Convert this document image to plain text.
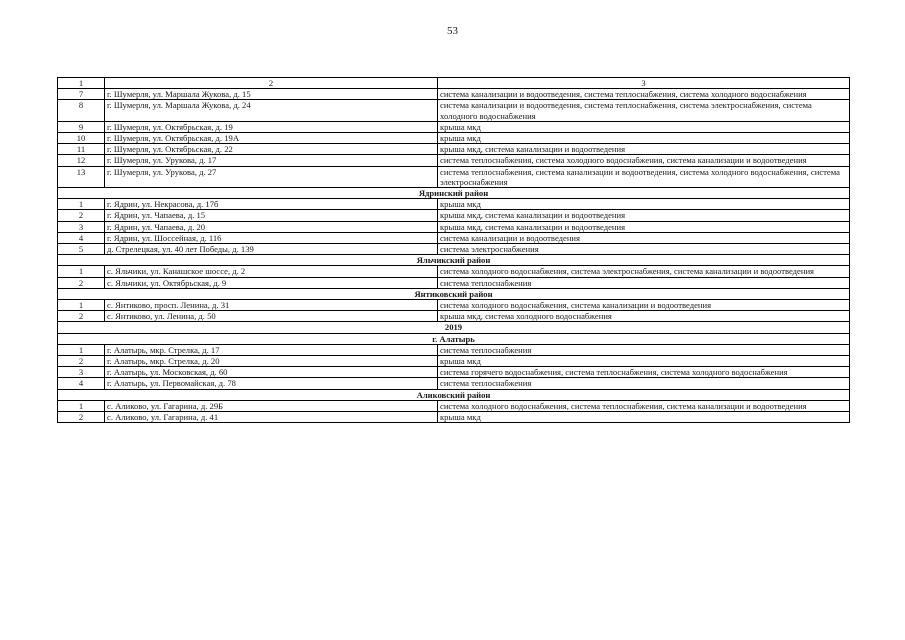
53
1	2	3
7	г. Шумерля, ул. Маршала Жукова, д. 15	система канализации и водоотведения, система теплоснабжения, система холодного водоснабжения
8	г. Шумерля, ул. Маршала Жукова, д. 24	система канализации и водоотведения, система теплоснабжения, система электроснабжения, система холодного водоснабжения
9	г. Шумерля, ул. Октябрьская, д. 19	крыша мкд
10	г. Шумерля, ул. Октябрьская, д. 19А	крыша мкд
11	г. Шумерля, ул. Октябрьская, д. 22	крыша мкд, система канализации и водоотведения
12	г. Шумерля, ул. Урукова, д. 17	система теплоснабжения, система холодного водоснабжения, система канализации и водоотведения
13	г. Шумерля, ул. Урукова, д. 27	система теплоснабжения, система канализации и водоотведения, система холодного водоснабжения, система электроснабжения
Ядринский район		
1	г. Ядрин, ул. Некрасова, д. 17б	крыша мкд
2	г. Ядрин, ул. Чапаева, д. 15	крыша мкд, система канализации и водоотведения
3	г. Ядрин, ул. Чапаева, д. 20	крыша мкд, система канализации и водоотведения
4	г. Ядрин, ул. Шоссейная, д. 116	система канализации и водоотведения
5	д. Стрелецкая, ул. 40 лет Победы, д. 139	система электроснабжения
Яльчикский район		
1	с. Яльчики, ул. Канашское шоссе, д. 2	система холодного водоснабжения, система электроснабжения, система канализации и водоотведения
2	с. Яльчики, ул. Октябрьская, д. 9	система теплоснабжения
Янтиковский район		
1	с. Янтиково, просп. Ленина, д. 31	система холодного водоснабжения, система канализации и водоотведения
2	с. Янтиково, ул. Ленина, д. 50	крыша мкд, система холодного водоснабжения
2019		
г. Алатырь		
1	г. Алатырь, мкр. Стрелка, д. 17	система теплоснабжения
2	г. Алатырь, мкр. Стрелка, д. 20	крыша мкд
3	г. Алатырь, ул. Московская, д. 60	система горячего водоснабжения, система теплоснабжения, система холодного водоснабжения
4	г. Алатырь, ул. Первомайская, д. 78	система теплоснабжения
Аликовский район		
1	с. Аликово, ул. Гагарина, д. 29Б	система холодного водоснабжения, система теплоснабжения, система канализации и водоотведения
2	с. Аликово, ул. Гагарина, д. 41	крыша мкд
